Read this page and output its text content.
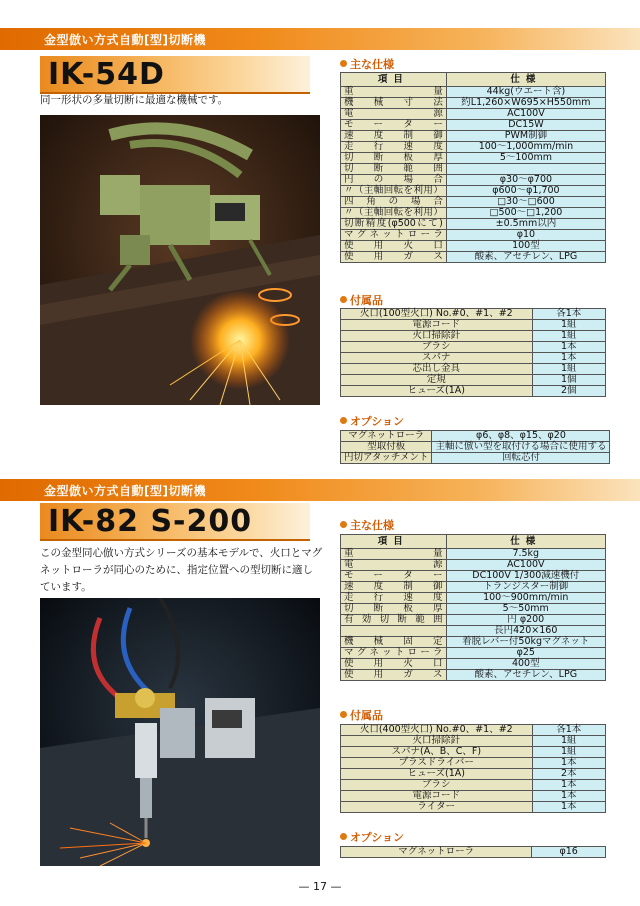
金型倣い方式自動[型]切断機
IK-54D
同一形状の多量切断に最適な機械です。
主な仕様
項目	仕様
重量	44kg(ウエート含)
機械寸法	約L1,260×W695×H550mm
電源	AC100V
モーター	DC15W
速度制御	PWM制御
走行速度	100～1,000mm/min
切断板厚	5～100mm
切断範囲	
円の場合	φ30～φ700
〃（主軸回転を利用）	φ600～φ1,700
四角の場合	□30～□600
〃（主軸回転を利用）	□500～□1,200
切断精度(φ500にて)	±0.5mm以内
マグネットローラ	φ10
使用火口	100型
使用ガス	酸素、アセチレン、LPG
付属品
火口(100型火口) No.#0、#1、#2	各1本
電源コード	1組
火口掃除針	1組
ブラシ	1本
スパナ	1本
芯出し金具	1組
定規	1個
ヒューズ(1A)	2個
オプション
マグネットローラ	φ6、φ8、φ15、φ20
型取付板	主軸に倣い型を取付ける場合に使用する
円切アタッチメント	回転芯付
金型倣い方式自動[型]切断機
IK-82 S-200
この金型同心倣い方式シリーズの基本モデルで、火口とマグ
ネットローラが同心のために、指定位置への型切断に適し
ています。
主な仕様
項目	仕様
重量	7.5kg
電源	AC100V
モーター	DC100V 1/300減速機付
速度制御	トランジスター制御
走行速度	100～900mm/min
切断板厚	5～50mm
有効切断範囲	円 φ200
	長円420×160
機械固定	着脱レバー付50kgマグネット
マグネットローラ	φ25
使用火口	400型
使用ガス	酸素、アセチレン、LPG
付属品
火口(400型火口) No.#0、#1、#2	各1本
火口掃除針	1組
スパナ(A、B、C、F)	1組
プラスドライバー	1本
ヒューズ(1A)	2本
ブラシ	1本
電源コード	1本
ライター	1本
オプション
マグネットローラ	φ16
— 17 —
